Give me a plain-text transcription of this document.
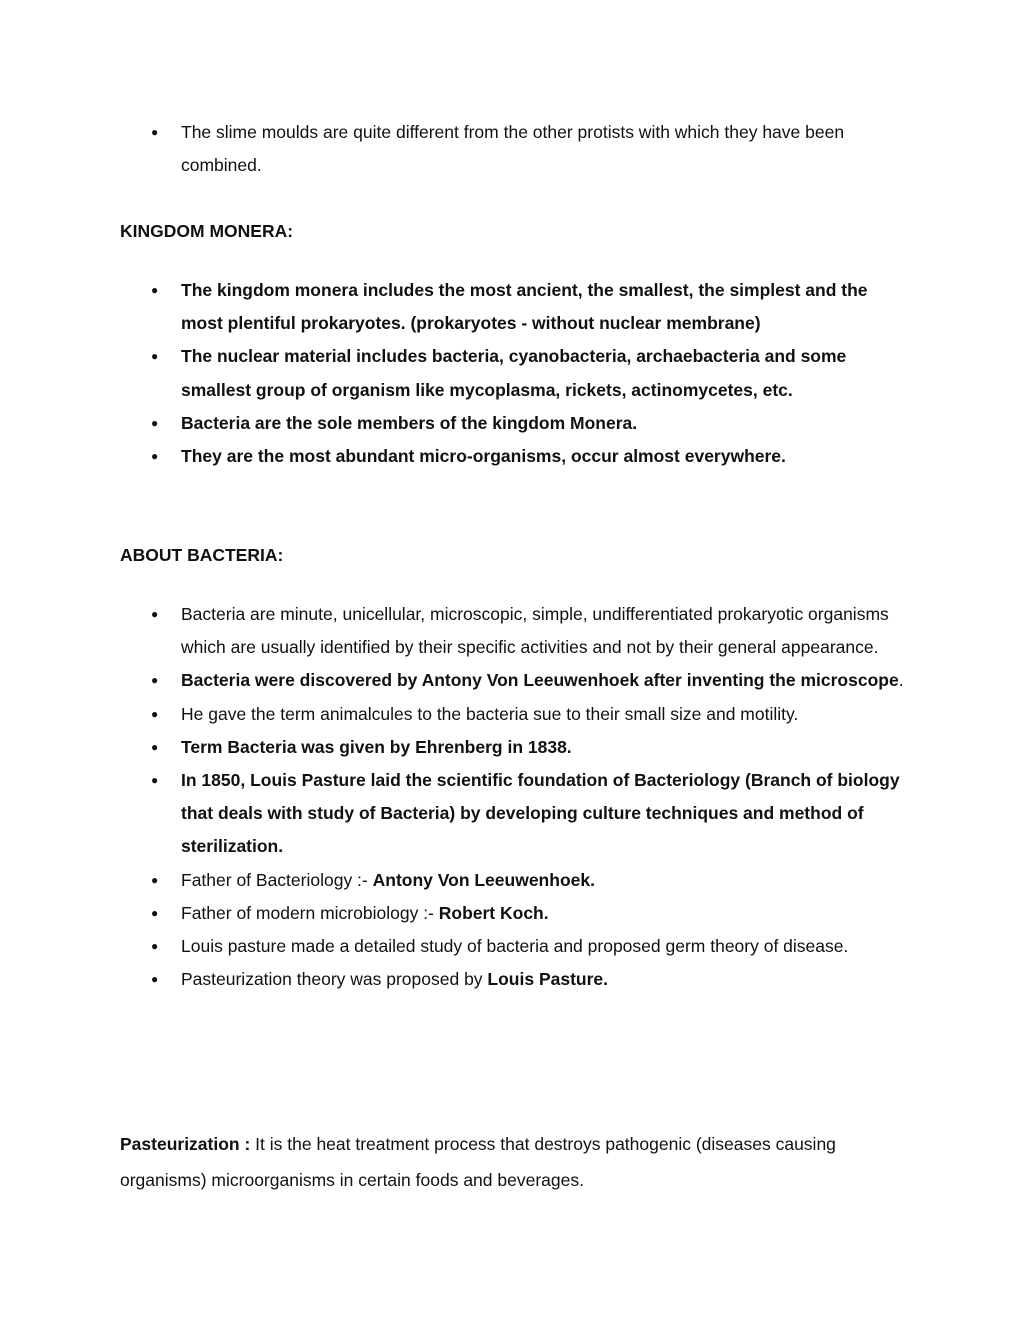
● The slime moulds are quite different from the other protists with which they have been combined.
KINGDOM MONERA:
● The kingdom monera includes the most ancient, the smallest, the simplest and the most plentiful prokaryotes. (prokaryotes - without nuclear membrane)
● The nuclear material includes bacteria, cyanobacteria, archaebacteria and some smallest group of organism like mycoplasma, rickets, actinomycetes, etc.
● Bacteria are the sole members of the kingdom Monera.
● They are the most abundant micro-organisms, occur almost everywhere.
ABOUT BACTERIA:
● Bacteria are minute, unicellular, microscopic, simple, undifferentiated prokaryotic organisms which are usually identified by their specific activities and not by their general appearance.
● Bacteria were discovered by Antony Von Leeuwenhoek after inventing the microscope.
● He gave the term animalcules to the bacteria sue to their small size and motility.
● Term Bacteria was given by Ehrenberg in 1838.
● In 1850, Louis Pasture laid the scientific foundation of Bacteriology (Branch of biology that deals with study of Bacteria) by developing culture techniques and method of sterilization.
● Father of Bacteriology :- Antony Von Leeuwenhoek.
● Father of modern microbiology :- Robert Koch.
● Louis pasture made a detailed study of bacteria and proposed germ theory of disease.
● Pasteurization theory was proposed by Louis Pasture.
Pasteurization : It is the heat treatment process that destroys pathogenic (diseases causing organisms) microorganisms in certain foods and beverages.
